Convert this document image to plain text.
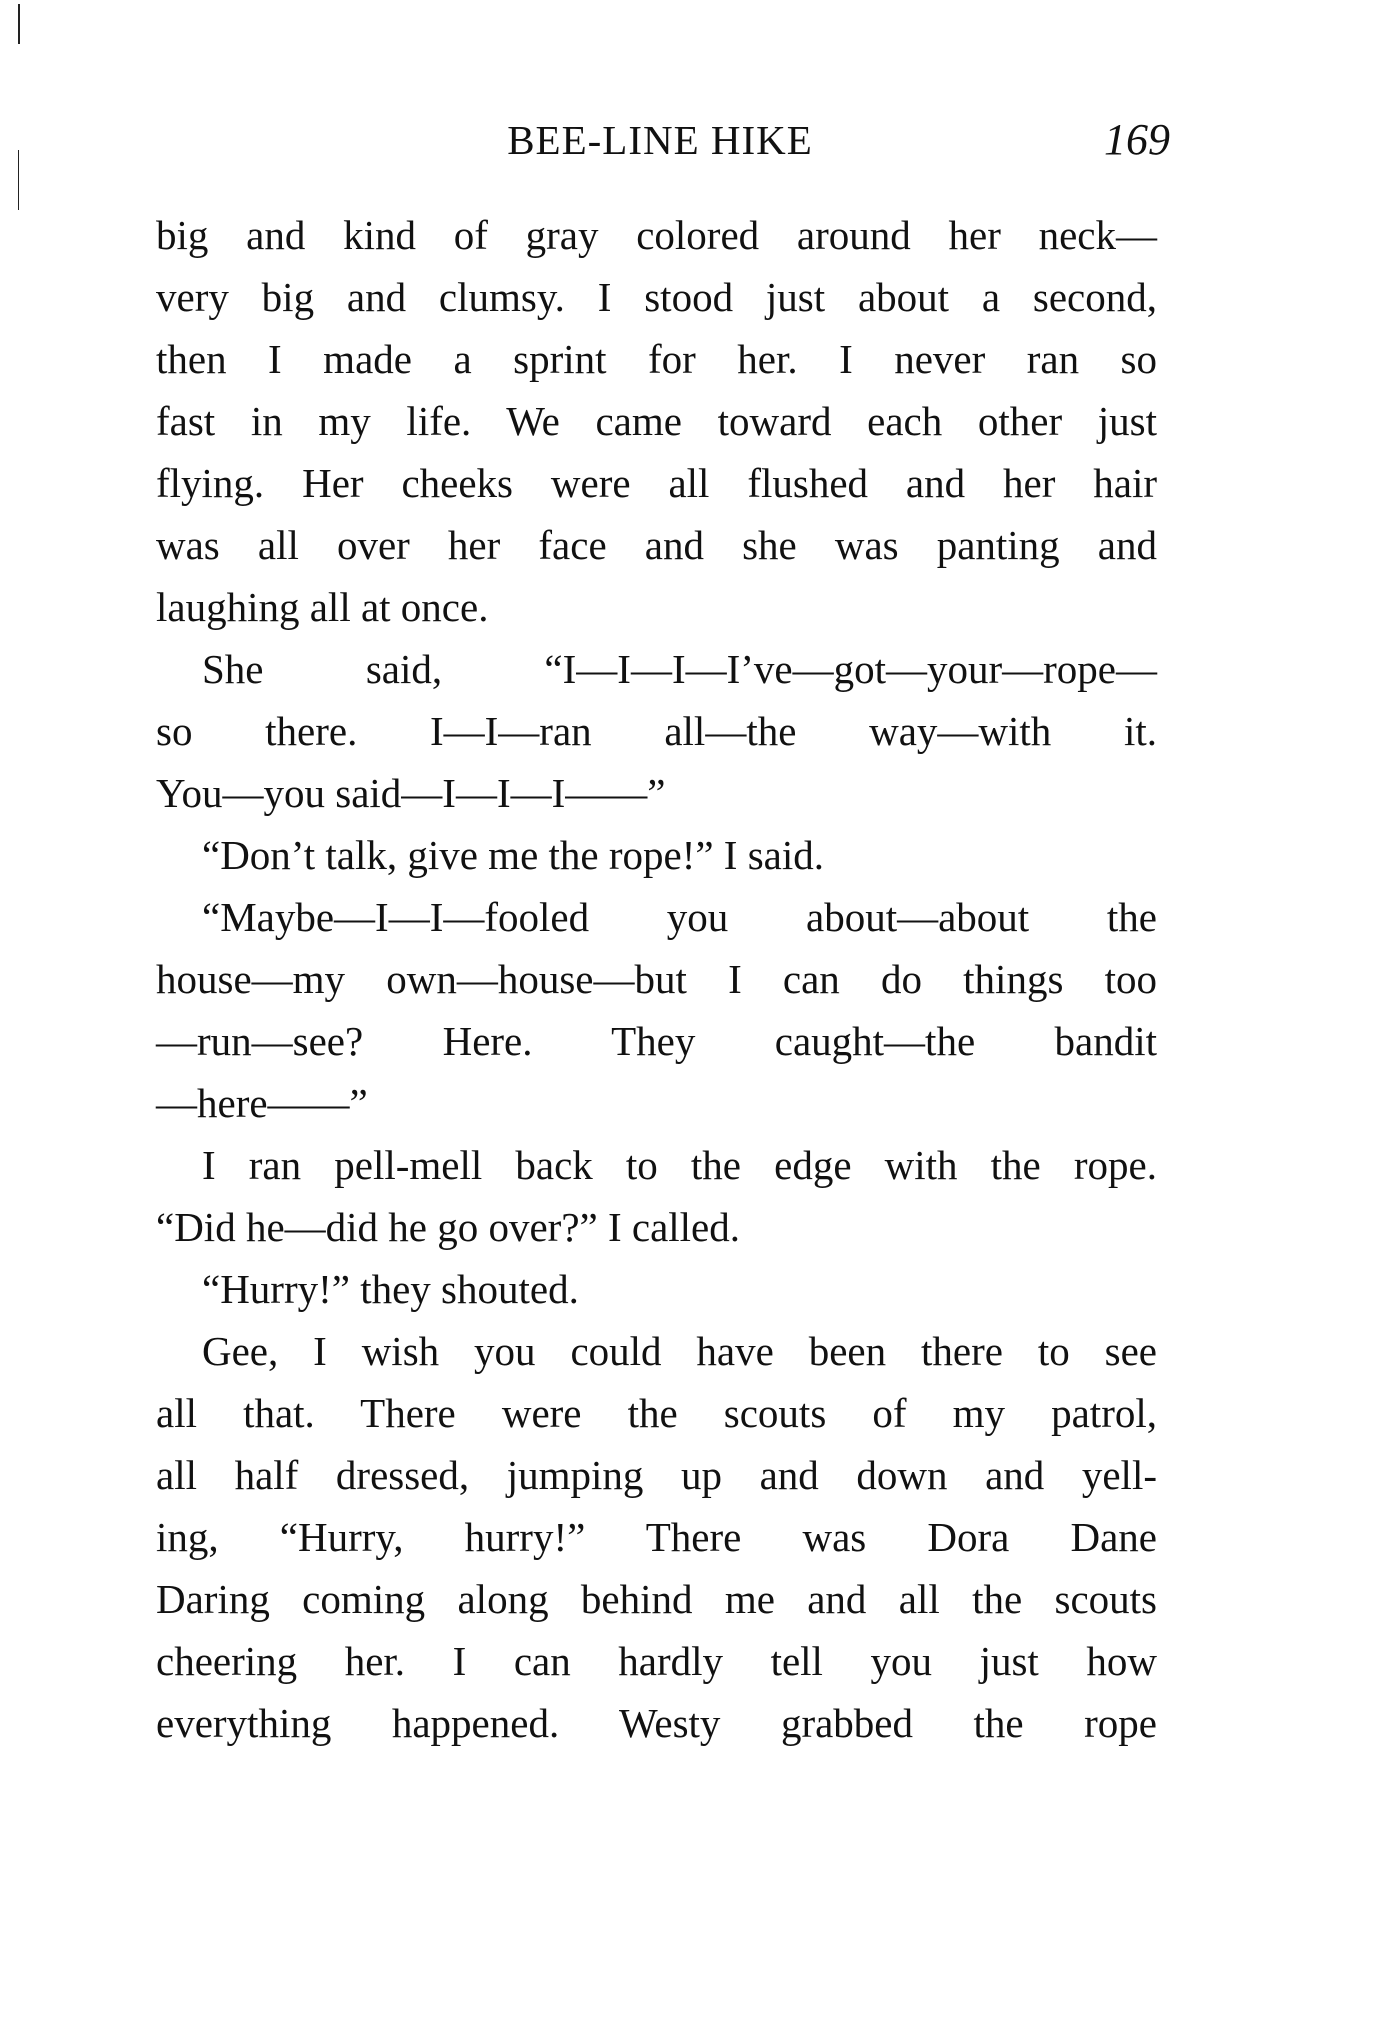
BEE-LINE HIKE	169
big and kind of gray colored around her neck—
very big and clumsy. I stood just about a second,
then I made a sprint for her. I never ran so
fast in my life. We came toward each other just
flying. Her cheeks were all flushed and her hair
was all over her face and she was panting and
laughing all at once.
She said, “I—I—I—I’ve—got—your—rope—
so there. I—I—ran all—the way—with it.
You—you said—I—I—I——”
“Don’t talk, give me the rope!” I said.
“Maybe—I—I—fooled you about—about the
house—my own—house—but I can do things too
—run—see? Here. They caught—the bandit
—here——”
I ran pell-mell back to the edge with the rope.
“Did he—did he go over?” I called.
“Hurry!” they shouted.
Gee, I wish you could have been there to see
all that. There were the scouts of my patrol,
all half dressed, jumping up and down and yell-
ing, “Hurry, hurry!” There was Dora Dane
Daring coming along behind me and all the scouts
cheering her. I can hardly tell you just how
everything happened. Westy grabbed the rope
